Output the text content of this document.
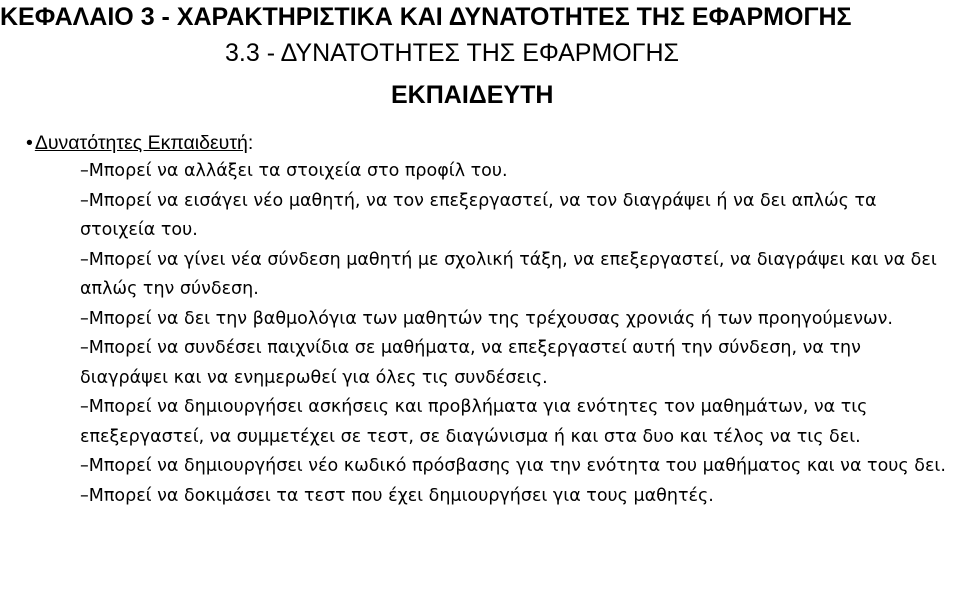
ΚΕΦΑΛΑΙΟ 3 - ΧΑΡΑΚΤΗΡΙΣΤΙΚΑ ΚΑΙ ΔΥΝΑΤΟΤΗΤΕΣ ΤΗΣ ΕΦΑΡΜΟΓΗΣ
3.3 - ΔΥΝΑΤΟΤΗΤΕΣ ΤΗΣ ΕΦΑΡΜΟΓΗΣ
ΕΚΠΑΙΔΕΥΤΗ
• Δυνατότητες Εκπαιδευτή:
–Μπορεί να αλλάξει τα στοιχεία στο προφίλ του.
–Μπορεί να εισάγει νέο μαθητή, να τον επεξεργαστεί, να τον διαγράψει ή να δει απλώς τα στοιχεία του.
–Μπορεί να γίνει νέα σύνδεση μαθητή με σχολική τάξη, να επεξεργαστεί, να διαγράψει και να δει απλώς την σύνδεση.
–Μπορεί να δει την βαθμολόγια των μαθητών της τρέχουσας χρονιάς ή των προηγούμενων.
–Μπορεί να συνδέσει παιχνίδια σε μαθήματα, να επεξεργαστεί αυτή την σύνδεση, να την διαγράψει και να ενημερωθεί για όλες τις συνδέσεις.
–Μπορεί να δημιουργήσει ασκήσεις και προβλήματα για ενότητες τον μαθημάτων, να τις επεξεργαστεί, να συμμετέχει σε τεστ, σε διαγώνισμα ή και στα δυο και τέλος να τις δει.
–Μπορεί να δημιουργήσει νέο κωδικό πρόσβασης για την ενότητα του μαθήματος και να τους δει.
–Μπορεί να δοκιμάσει τα τεστ που έχει δημιουργήσει για τους μαθητές.
